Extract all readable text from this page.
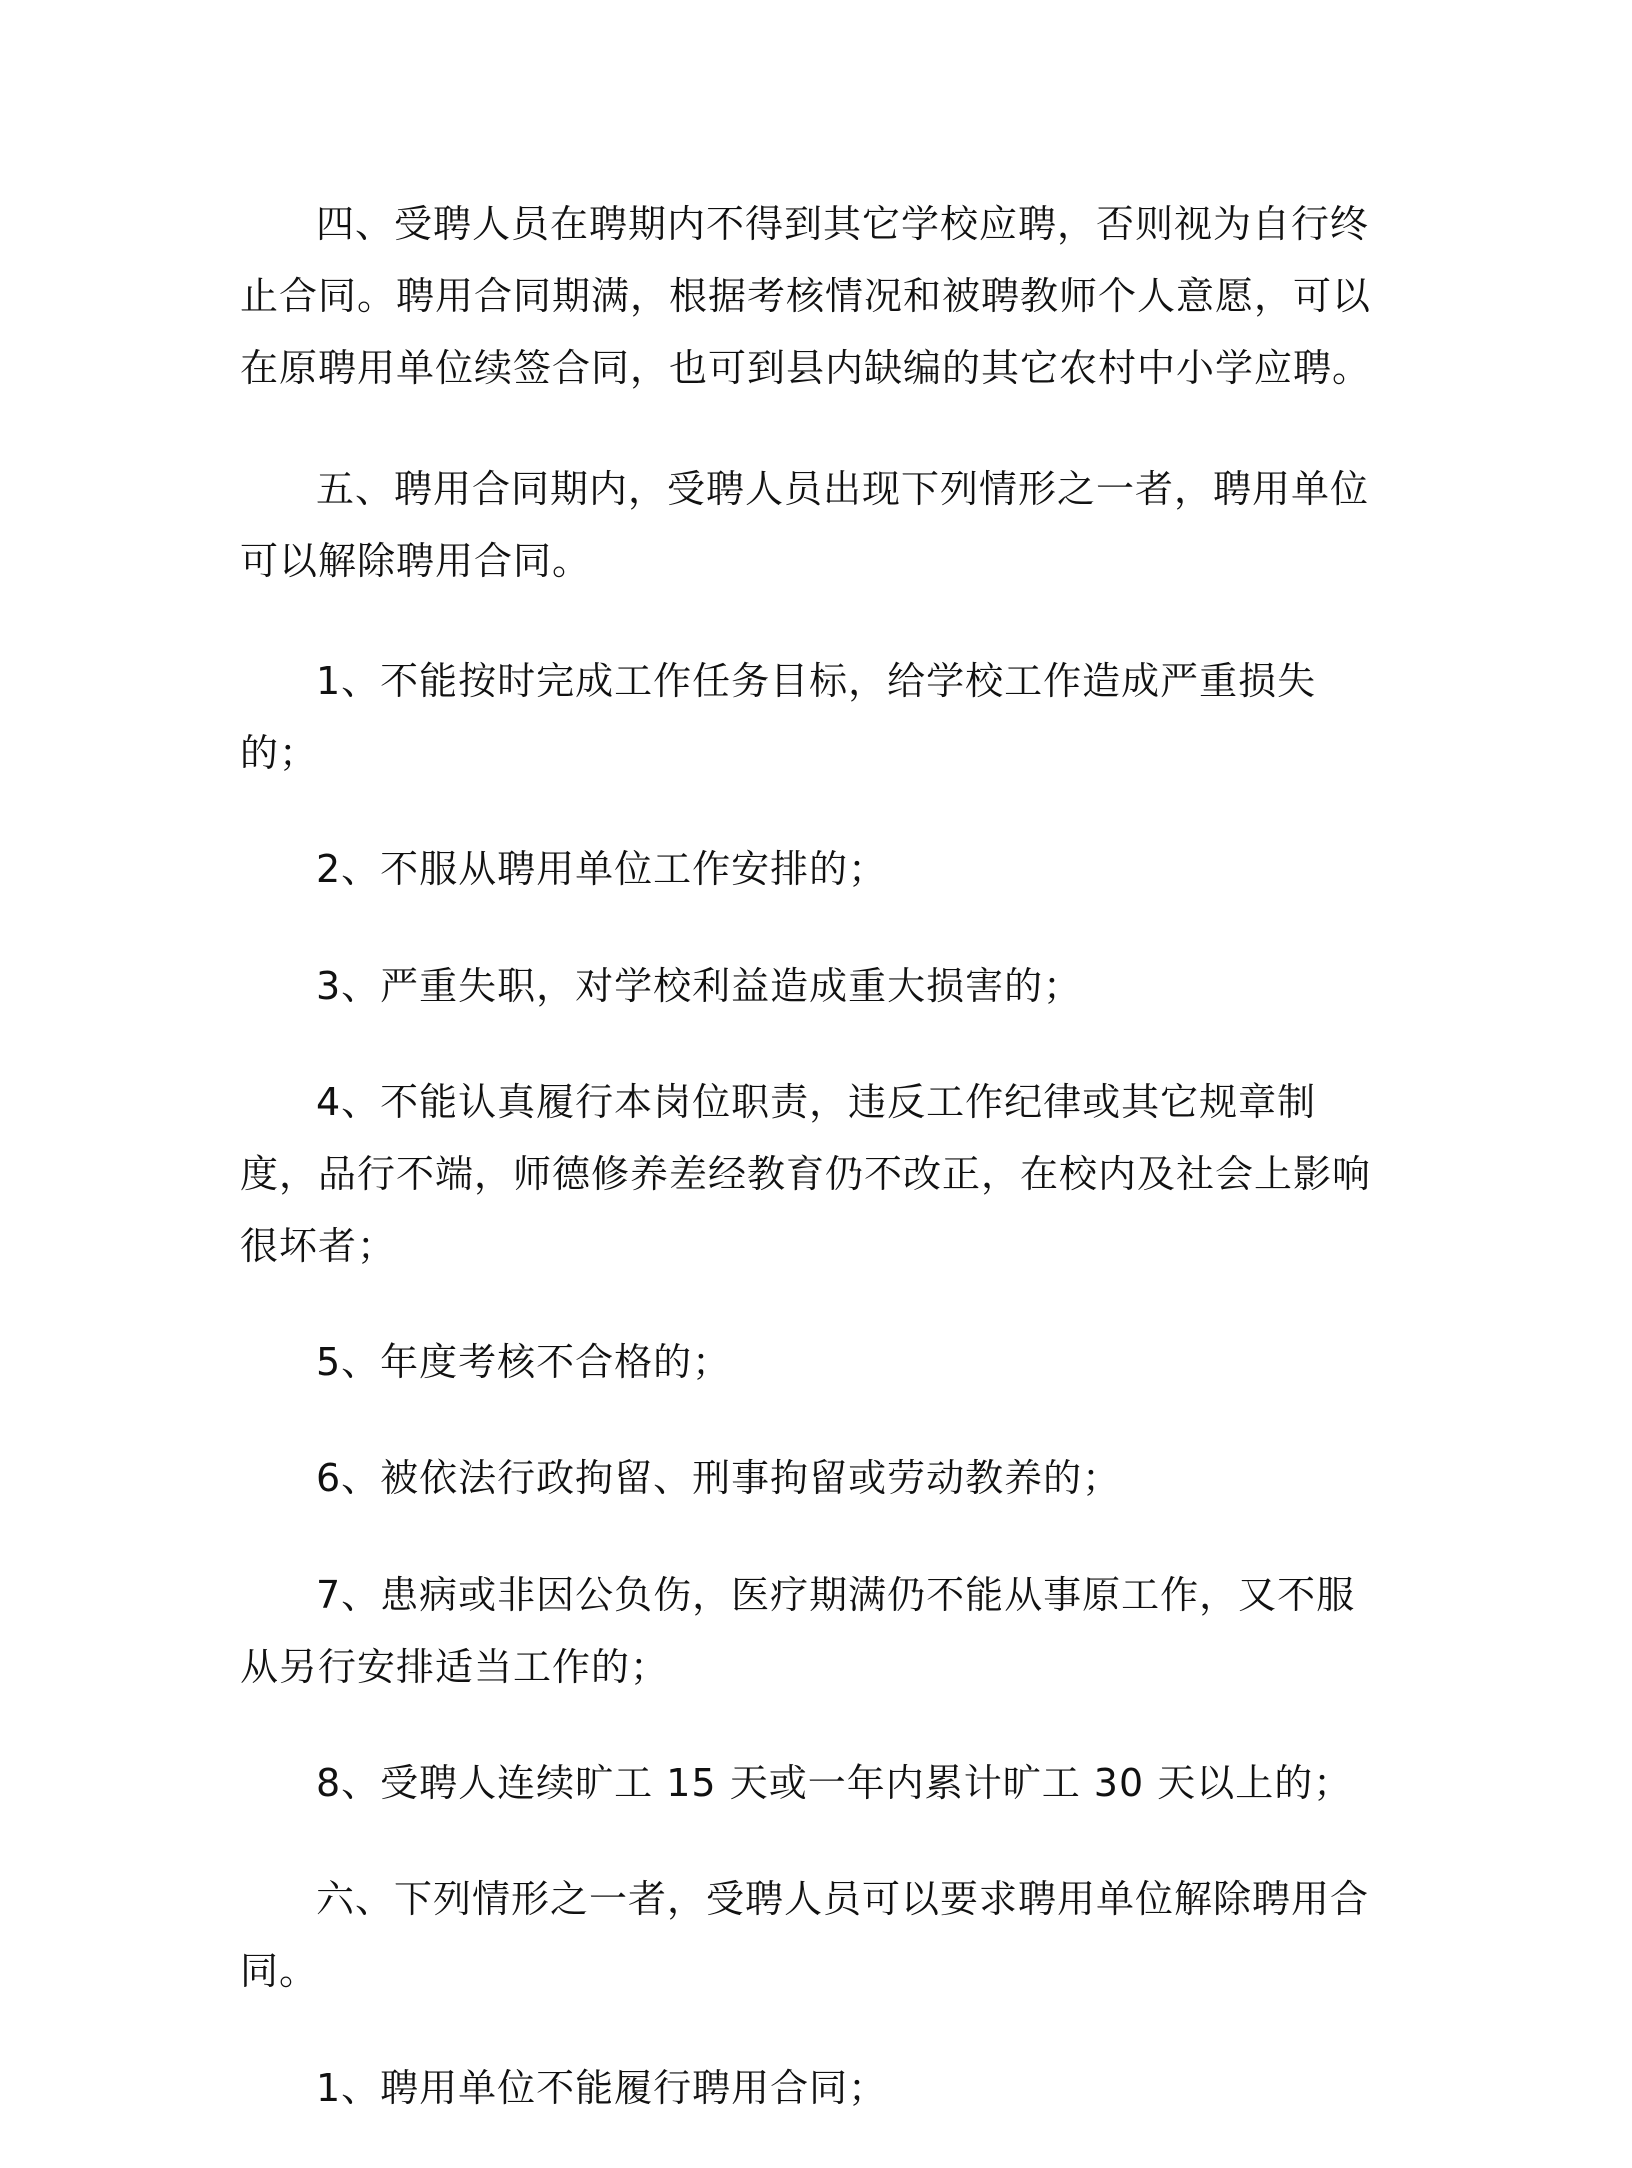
四、受聘人员在聘期内不得到其它学校应聘，否则视为自行终止合同。聘用合同期满，根据考核情况和被聘教师个人意愿，可以在原聘用单位续签合同，也可到县内缺编的其它农村中小学应聘。

五、聘用合同期内，受聘人员出现下列情形之一者，聘用单位可以解除聘用合同。

1、不能按时完成工作任务目标，给学校工作造成严重损失的；

2、不服从聘用单位工作安排的；

3、严重失职，对学校利益造成重大损害的；

4、不能认真履行本岗位职责，违反工作纪律或其它规章制度，品行不端，师德修养差经教育仍不改正，在校内及社会上影响很坏者；

5、年度考核不合格的；

6、被依法行政拘留、刑事拘留或劳动教养的；

7、患病或非因公负伤，医疗期满仍不能从事原工作，又不服从另行安排适当工作的；

8、受聘人连续旷工 15 天或一年内累计旷工 30 天以上的；

六、下列情形之一者，受聘人员可以要求聘用单位解除聘用合同。

1、聘用单位不能履行聘用合同；
